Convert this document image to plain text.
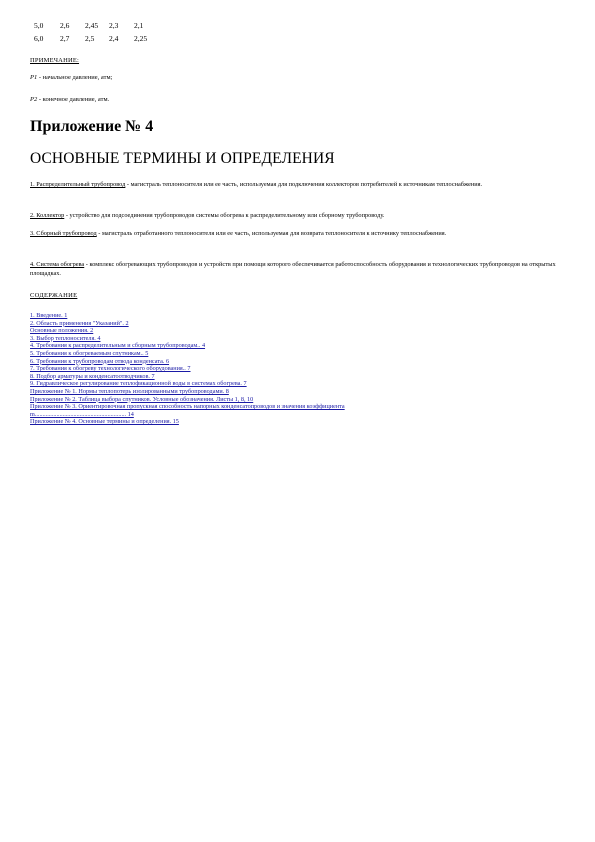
5,0	2,6	2,45	2,3	2,1
6,0	2,7	2,5	2,4	2,25
ПРИМЕЧАНИЕ:
P1 - начальное давление, атм;
P2 - конечное давление, атм.
Приложение № 4
ОСНОВНЫЕ ТЕРМИНЫ И ОПРЕДЕЛЕНИЯ
1. Распределительный трубопровод - магистраль теплоносителя или ее часть, используемая для подключения коллекторов потребителей к источникам теплоснабжения.
2. Коллектор - устройство для подсоединения трубопроводов системы обогрева к распределительному или сборному трубопроводу.
3. Сборный трубопровод - магистраль отработанного теплоносителя или ее часть, используемая для возврата теплоносителя к источнику теплоснабжения.
4. Система обогрева - комплекс обогревающих трубопроводов и устройств при помощи которого обеспечивается работоспособность оборудования и технологических трубопроводов на открытых площадках.
СОДЕРЖАНИЕ
1. Введение. 1
2. Область применения "Указаний". 2
Основные положения. 2
3. Выбор теплоносителя. 4
4. Требования к распределительным и сборным трубопроводам.. 4
5. Требования к обогреваемым спутникам.. 5
6. Требования к трубопроводам отвода конденсата. 6
7. Требования к обогреву технологического оборудования.. 7
8. Подбор арматуры и конденсатоотводчиков. 7
9. Гидравлическое регулирование теплофикационной воды в системах обогрева. 7
Приложение № 1. Нормы теплопотерь изолированными трубопроводами. 8
Приложение № 2. Таблица выбора спутников. Условные обозначения. Листы 1, 8, 10
Приложение № 3. Ориентировочная пропускная способность напорных конденсатопроводов и значения коэффициента
m........................................................... 14
Приложение № 4. Основные термины и определения. 15
